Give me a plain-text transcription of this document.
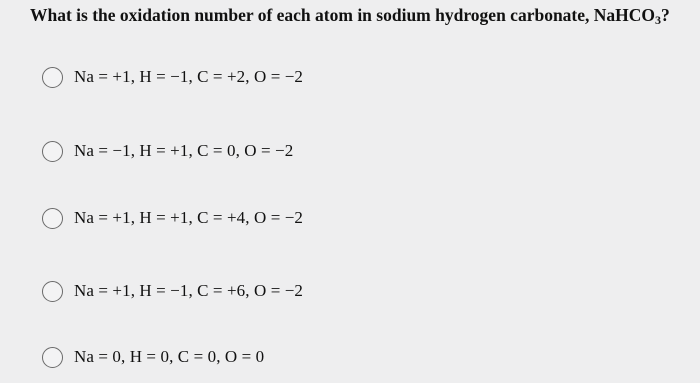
What is the oxidation number of each atom in sodium hydrogen carbonate, NaHCO$_3$?
Na = +1, H = −1, C = +2, O = −2
Na = −1, H = +1, C = 0, O = −2
Na = +1, H = +1, C = +4, O = −2
Na = +1, H = −1, C = +6, O = −2
Na = 0, H = 0, C = 0, O = 0
